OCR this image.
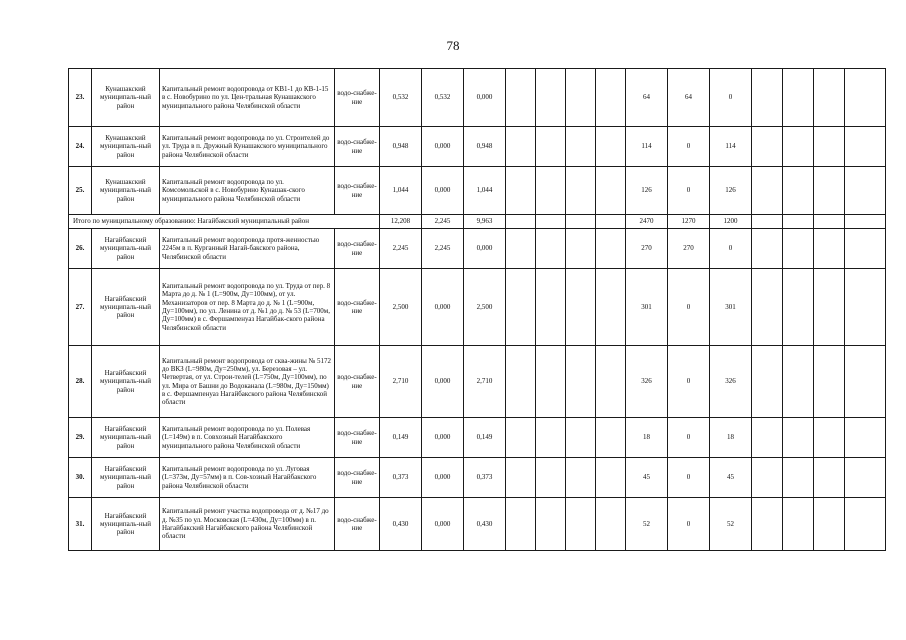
78
23.	Кунашакский муниципаль-ный район	Капитальный ремонт водопровода от КВ1-1 до КВ-1-15 в с. Новобурино по ул. Цен-тральная Кунашакского муниципального района Челябинской области	водо-снабже-ние	0,532	0,532	0,000					64	64	0				
24.	Кунашакский муниципаль-ный район	Капитальный ремонт водопровода по ул. Строителей до ул. Труда в п. Дружный Кунашакского муниципального района Челябинской области	водо-снабже-ние	0,948	0,000	0,948					114	0	114				
25.	Кунашакский муниципаль-ный район	Капитальный ремонт водопровода по ул. Комсомольской в с. Новобурино Кунашак-ского муниципального района Челябинской области	водо-снабже-ние	1,044	0,000	1,044					126	0	126				
Итого по муниципальному образованию: Нагайбакский муниципальный район				12,208	2,245	9,963					2470	1270	1200				
26.	Нагайбакский муниципаль-ный район	Капитальный ремонт водопровода протя-женностью 2245м в п. Курганный Нагай-бакского района, Челябинской области	водо-снабже-ние	2,245	2,245	0,000					270	270	0				
27.	Нагайбакский муниципаль-ный район	Капитальный ремонт водопровода по ул. Труда от пер. 8 Марта до д. № 1 (L=900м, Ду=100мм), от ул. Механизаторов от пер. 8 Марта до д. № 1 (L=900м, Ду=100мм), по ул. Ленина от д. №1 до д. № 53 (L=700м, Ду=100мм) в с. Фершампенуаз Нагайбак-ского района Челябинской области	водо-снабже-ние	2,500	0,000	2,500					301	0	301				
28.	Нагайбакский муниципаль-ный район	Капитальный ремонт водопровода от сква-жины № 5172 до ВКЗ (L=980м, Ду=250мм), ул. Березовая – ул. Четвертая, от ул. Строи-телей (L=750м, Ду=100мм), по ул. Мира от Башни до Водоканала (L=980м, Ду=150мм) в с. Фершампенуаз Нагайбакского района Челябинской области	водо-снабже-ние	2,710	0,000	2,710					326	0	326				
29.	Нагайбакский муниципаль-ный район	Капитальный ремонт водопровода по ул. Полевая (L=149м) в п. Совхозный Нагайбакского муниципального района Челябинской области	водо-снабже-ние	0,149	0,000	0,149					18	0	18				
30.	Нагайбакский муниципаль-ный район	Капитальный ремонт водопровода по ул. Луговая (L=373м, Ду=57мм) в п. Сов-хозный Нагайбакского района Челябинской области	водо-снабже-ние	0,373	0,000	0,373					45	0	45				
31.	Нагайбакский муниципаль-ный район	Капитальный ремонт участка водопровода от д. №17 до д. №35 по ул. Московская (L=430м, Ду=100мм) в п. Нагайбакский Нагайбакского района Челябинской области	водо-снабже-ние	0,430	0,000	0,430					52	0	52				
